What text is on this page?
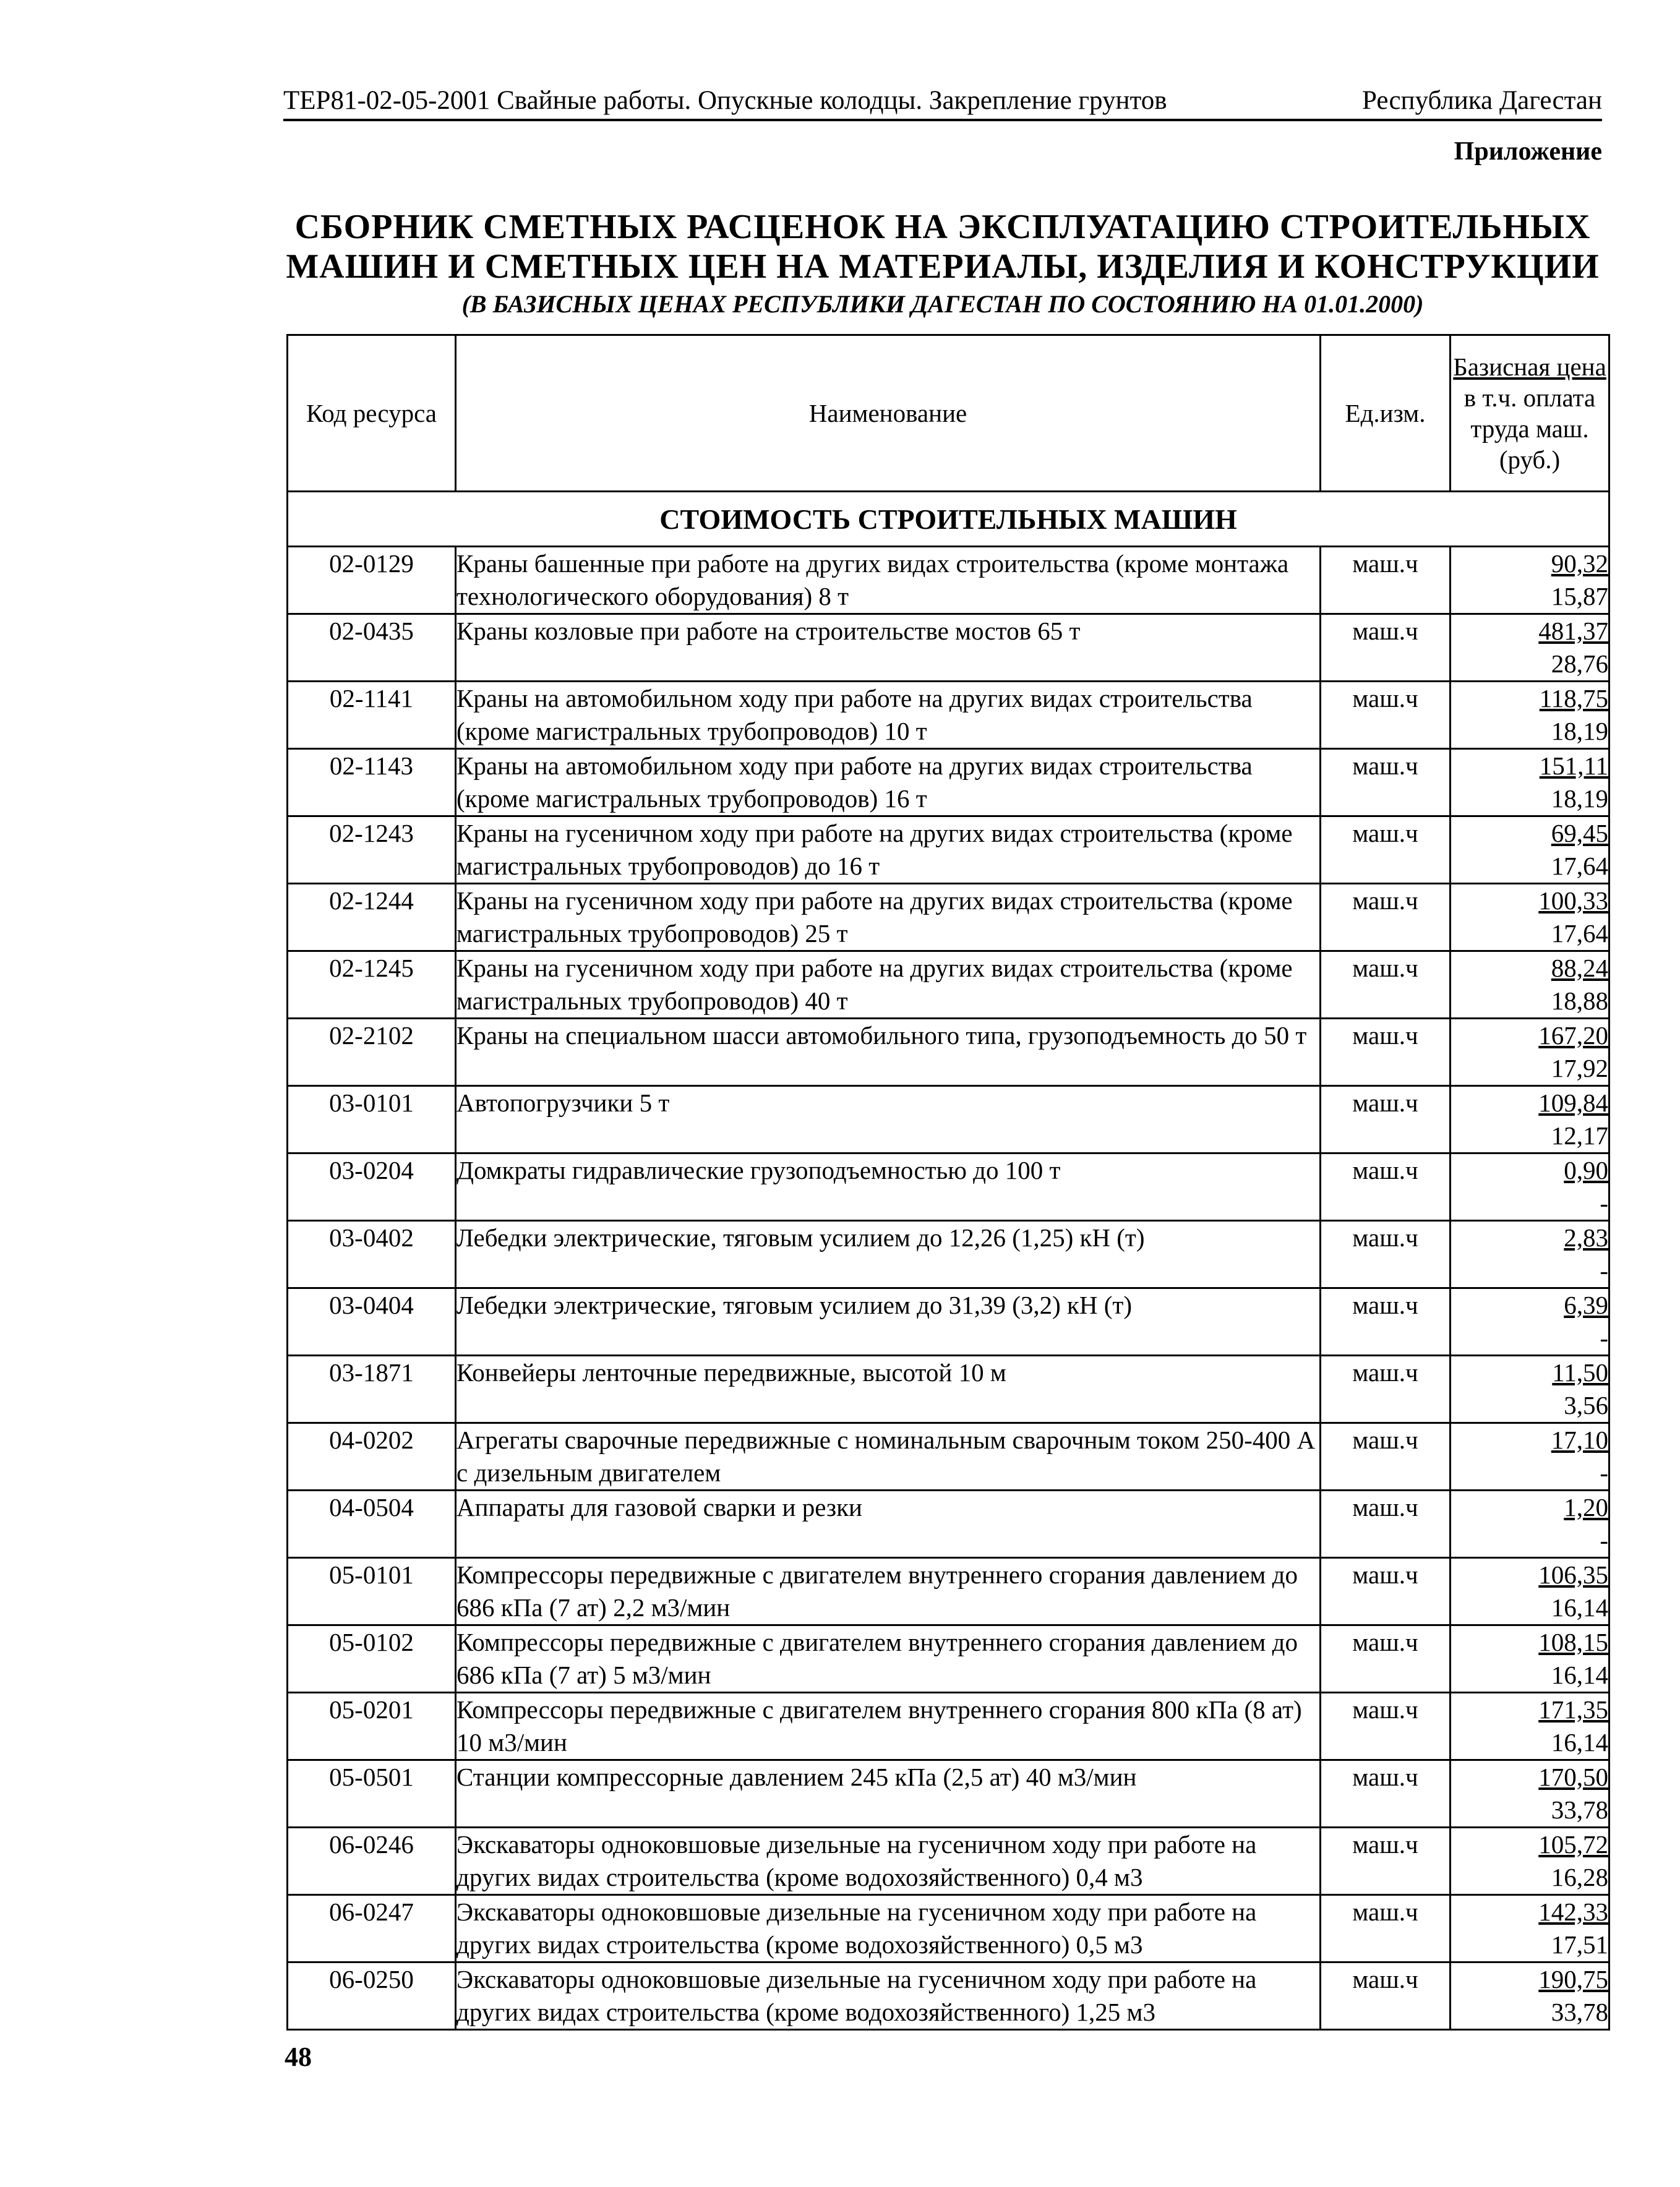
ТЕР81-02-05-2001 Свайные работы. Опускные колодцы. Закрепление грунтов	Республика Дагестан
Приложение
СБОРНИК СМЕТНЫХ РАСЦЕНОК НА ЭКСПЛУАТАЦИЮ СТРОИТЕЛЬНЫХ
МАШИН И СМЕТНЫХ ЦЕН НА МАТЕРИАЛЫ, ИЗДЕЛИЯ И КОНСТРУКЦИИ
(В БАЗИСНЫХ ЦЕНАХ РЕСПУБЛИКИ ДАГЕСТАН ПО СОСТОЯНИЮ НА 01.01.2000)
Код ресурса	Наименование	Ед.изм.	Базисная цена
в т.ч. оплата
труда маш.
(руб.)

СТОИМОСТЬ СТРОИТЕЛЬНЫХ МАШИН			
02-0129	Краны башенные при работе на других видах строительства (кроме монтажа технологического оборудования) 8 т	маш.ч	90,32
15,87

02-0435	Краны козловые при работе на строительстве мостов 65 т	маш.ч	481,37
28,76

02-1141	Краны на автомобильном ходу при работе на других видах строительства (кроме магистральных трубопроводов) 10 т	маш.ч	118,75
18,19

02-1143	Краны на автомобильном ходу при работе на других видах строительства (кроме магистральных трубопроводов) 16 т	маш.ч	151,11
18,19

02-1243	Краны на гусеничном ходу при работе на других видах строительства (кроме магистральных трубопроводов) до 16 т	маш.ч	69,45
17,64

02-1244	Краны на гусеничном ходу при работе на других видах строительства (кроме магистральных трубопроводов) 25 т	маш.ч	100,33
17,64

02-1245	Краны на гусеничном ходу при работе на других видах строительства (кроме магистральных трубопроводов) 40 т	маш.ч	88,24
18,88

02-2102	Краны на специальном шасси автомобильного типа, грузоподъемность до 50 т	маш.ч	167,20
17,92

03-0101	Автопогрузчики 5 т	маш.ч	109,84
12,17

03-0204	Домкраты гидравлические грузоподъемностью до 100 т	маш.ч	0,90
-

03-0402	Лебедки электрические, тяговым усилием до 12,26 (1,25) кН (т)	маш.ч	2,83
-

03-0404	Лебедки электрические, тяговым усилием до 31,39 (3,2) кН (т)	маш.ч	6,39
-

03-1871	Конвейеры ленточные передвижные, высотой 10 м	маш.ч	11,50
3,56

04-0202	Агрегаты сварочные передвижные с номинальным сварочным током 250-400 А с дизельным двигателем	маш.ч	17,10
-

04-0504	Аппараты для газовой сварки и резки	маш.ч	1,20
-

05-0101	Компрессоры передвижные с двигателем внутреннего сгорания давлением до 686 кПа (7 ат) 2,2 м3/мин	маш.ч	106,35
16,14

05-0102	Компрессоры передвижные с двигателем внутреннего сгорания давлением до 686 кПа (7 ат) 5 м3/мин	маш.ч	108,15
16,14

05-0201	Компрессоры передвижные с двигателем внутреннего сгорания 800 кПа (8 ат) 10 м3/мин	маш.ч	171,35
16,14

05-0501	Станции компрессорные давлением 245 кПа (2,5 ат) 40 м3/мин	маш.ч	170,50
33,78

06-0246	Экскаваторы одноковшовые дизельные на гусеничном ходу при работе на других видах строительства (кроме водохозяйственного) 0,4 м3	маш.ч	105,72
16,28

06-0247	Экскаваторы одноковшовые дизельные на гусеничном ходу при работе на других видах строительства (кроме водохозяйственного) 0,5 м3	маш.ч	142,33
17,51

06-0250	Экскаваторы одноковшовые дизельные на гусеничном ходу при работе на других видах строительства (кроме водохозяйственного) 1,25 м3	маш.ч	190,75
33,78
48
